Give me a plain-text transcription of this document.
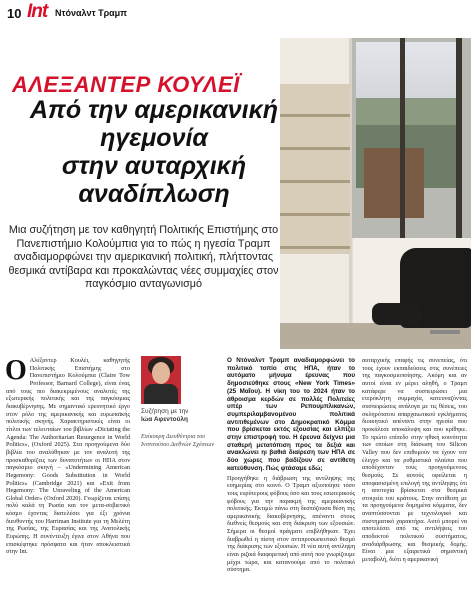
10 Int Ντόναλντ Τραμπ
ΑΛΕΞΑΝΤΕΡ ΚΟΥΛΕΪ
Από την αμερικανική
ηγεμονία
στην αυταρχική
αναδίπλωση

Μια συζήτηση με τον καθηγητή Πολιτικής Επιστήμης στο Πανεπιστήμιο Κολούμπια για το πώς η ηγεσία Τραμπ αναδιαμορφώνει την αμερικανική πολιτική, πλήττοντας θεσμικά αντίβαρα και προκαλώντας νέες συμμαχίες στον παγκόσμιο ανταγωνισμό

Ο Αλέξαντερ Κουλέι, καθηγητής Πολιτικής Επιστήμης στο Πανεπιστήμιο Κολούμπια (Claire Tow Professor, Barnard College), είναι ένας από τους πιο διακεκριμένους αναλυτές της εξωτερικής πολιτικής και της παγκόσμιας διακυβέρνησης. Με σημαντικό ερευνητικό έργο στον ρόλο της αμερικανικής και ευρωπαϊκής πολιτικής σκηνής. Χαρακτηριστικές είναι οι τίτλοι των τελευταίων του βιβλίων «Dictating the Agenda: The Authoritarian Resurgence in World Politics», (Oxford 2025). Στα προηγούμενα δύο βιβλία του αναλύθηκαν με τον αναλυτή της προσκαθορίζεις των δυνατοτήτων οι ΗΠΑ στον παγκόσμιο σκηνή – «Undermining American Hegemony: Goods Substitution in World Politics» (Cambridge 2021) και «Exit from Hegemony: The Unraveling of the American Global Order» (Oxford 2020). Γνωρίζεται επίσης πολύ καλά τη Ρωσία και τον μετα-σοβιετικό κόσμο έχοντας διατελέσει για έξι χρόνια διευθυντής του Harriman Institute για τη Μελέτη της Ρωσίας, της Ευρασίας και της Ανατολικής Ευρώπης. Η συνέντευξη έγινε στον Αθήνα που επισκέφτηκε πρόσφατα και ήταν αποκλειστικά στην Int.
Συζήτηση με την
Ιώα Αφεντούλη
Επίκουρη Διευθύντρια του Ινστιτούτου Διεθνών Σχέσεων

Ο Ντόναλντ Τραμπ αναδιαμορφώνει το πολιτικό τοπίο στις ΗΠΑ, ήταν το αυτόματο μήνυμα έρευνας που δημοσιεύθηκε στους «New York Times» (25 Μαΐου). Η νίκη του το 2024 ήταν το άθροισμα κερδών σε πολλές Πολιτείες υπέρ των Ρεπουμπλικανών, συμπεριλαμβανομένου πολιτικά αντιτιθεμένων στο Δημοκρατικό Κόμμα που βρίσκεται εκτός εξουσίας και ελπίζει στην επιστροφή του. Η έρευνα δείχνει μια σταθερή μετατόπιση προς τα δεξιά και ανακλώνει ηι βαθιά διαίρεση των ΗΠΑ σε δύο χώρες που βαδίζουν σε αντίθετη κατεύθυνση. Πώς φτάσαμε εδώ;

Προηγήθηκε η διάβρωση της αντίληψης της ευημερίας στο κοινό. Ο Τραμπ αξιοποίησε τόσο τους ευρύτερους φόβους όσο και τους εσωτερικούς φόβους για την παρακμή της αμερικανικής πολιτικής. Εκτιμώ πάνω στη δεσπόζουσα θέση της αμερικανικής διακυβέρνησης, απέναντι στους διεθνείς θεσμούς και στη διάκριση των εξουσιών. Σήμερα οι θεσμοί πράγματι επιβλήθηκαν. Έχει διαβρωθεί η πίστη στον αντιπροσωπευτικό θεσμό της διάκρισης των εξουσιών. Η νέα αυτή αντίληψη είναι ριζικά διαφορετική από αυτή που γνωρίζουμε μέχρι τώρα, και κατανοούμε από το πολιτικό σύστημα.

αυταρχικής επαφής τις συνεπείας, ότι τους έχουν εκπαιδεύσεις στις συνέπειες της παγκοσμιοποίησης. Ακόμη και αν αυτοί είναι εν μέρει αληθή, ο Τραμπ κατάφερε να συσπειρώσει μια ετερόκλητη συμμαχία, κατευναζόντας συσπειρώσεις ανάλογα με τις θέσεις, του σκληρότατου απαρχαιωτικού εγκλήματος διοικητικό απέναντι στην ηγεσία που προκάλεσε αποκάλυψη και που κρίθηκε. Το πρώτο επίπεδο στην ηθική κοινότητα των οποίων στη διάσωση του Silicon Valley που δεν επιθυμούν να έχουν τον έλεγχο και τα ρυθμιστικά πλαίσια που αποδέχονταν τους προηγούμενους θεσμούς. Σε αυτούς οφείλεται η αποφασισμένη επιλογή της αντίληψης ότι η αποτυχία βρίσκεται στα θεσμικά στοιχεία του κράτους. Στην αντίθεση με τα προηγούμενα δομημένα κόμματα, δεν αναπτύσσονται με τεχνολογικό και συστηματικό χαρακτήρα. Αυτό μπορεί να αποτελέσει από τις αντιλήψεις του αποδεκτού πολιτικού συστήματος, αναδιάρθρωσης και θεσμικής δομής. Είναι μια εξαιρετικά σημαντική μεταβολή, διότι η αμερικανική
